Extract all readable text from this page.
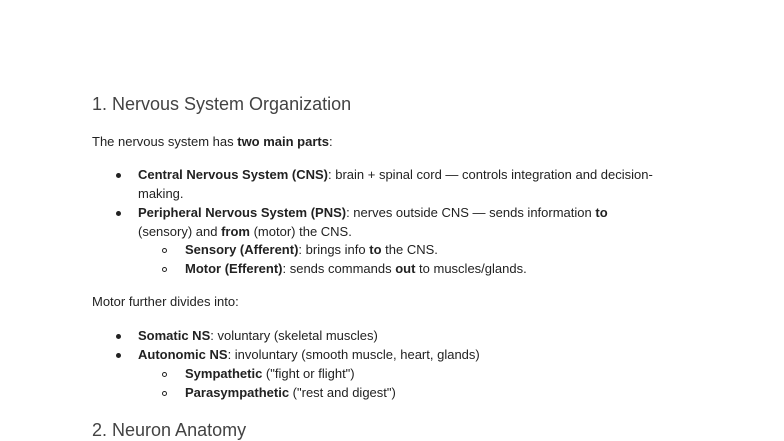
1. Nervous System Organization

The nervous system has two main parts:

Central Nervous System (CNS): brain + spinal cord — controls integration and decision-making.

Peripheral Nervous System (PNS): nerves outside CNS — sends information to (sensory) and from (motor) the CNS.

Sensory (Afferent): brings info to the CNS.

Motor (Efferent): sends commands out to muscles/glands.

Motor further divides into:

Somatic NS: voluntary (skeletal muscles)

Autonomic NS: involuntary (smooth muscle, heart, glands)

Sympathetic ("fight or flight")

Parasympathetic ("rest and digest")

2. Neuron Anatomy
